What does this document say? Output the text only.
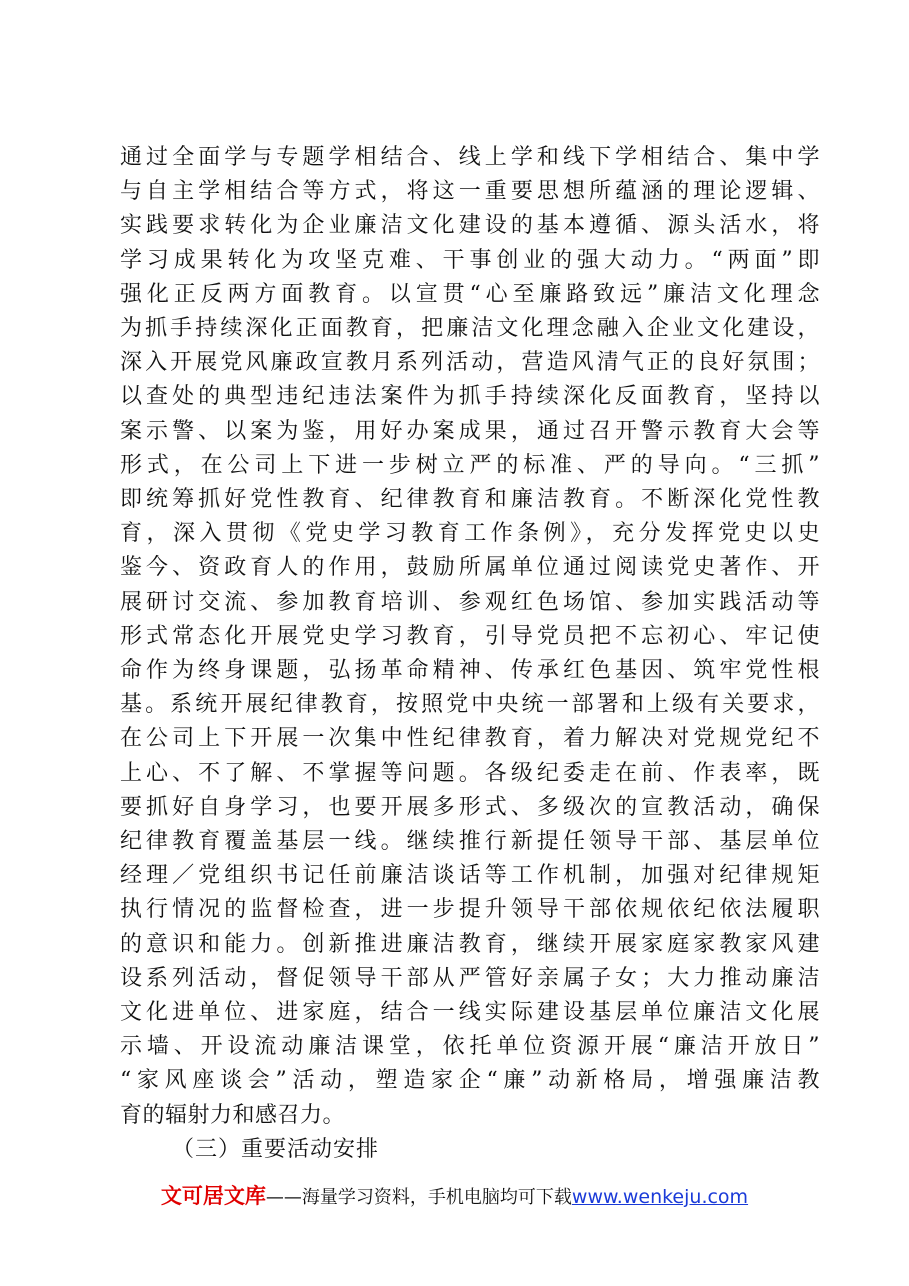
通过全面学与专题学相结合、线上学和线下学相结合、集中学
与自主学相结合等方式，将这一重要思想所蕴涵的理论逻辑、
实践要求转化为企业廉洁文化建设的基本遵循、源头活水，将
学习成果转化为攻坚克难、干事创业的强大动力。“两面”即
强化正反两方面教育。以宣贯“心至廉路致远”廉洁文化理念
为抓手持续深化正面教育，把廉洁文化理念融入企业文化建设，
深入开展党风廉政宣教月系列活动，营造风清气正的良好氛围；
以查处的典型违纪违法案件为抓手持续深化反面教育，坚持以
案示警、以案为鉴，用好办案成果，通过召开警示教育大会等
形式，在公司上下进一步树立严的标准、严的导向。“三抓”
即统筹抓好党性教育、纪律教育和廉洁教育。不断深化党性教
育，深入贯彻《党史学习教育工作条例》，充分发挥党史以史
鉴今、资政育人的作用，鼓励所属单位通过阅读党史著作、开
展研讨交流、参加教育培训、参观红色场馆、参加实践活动等
形式常态化开展党史学习教育，引导党员把不忘初心、牢记使
命作为终身课题，弘扬革命精神、传承红色基因、筑牢党性根
基。系统开展纪律教育，按照党中央统一部署和上级有关要求，
在公司上下开展一次集中性纪律教育，着力解决对党规党纪不
上心、不了解、不掌握等问题。各级纪委走在前、作表率，既
要抓好自身学习，也要开展多形式、多级次的宣教活动，确保
纪律教育覆盖基层一线。继续推行新提任领导干部、基层单位
经理／党组织书记任前廉洁谈话等工作机制，加强对纪律规矩
执行情况的监督检查，进一步提升领导干部依规依纪依法履职
的意识和能力。创新推进廉洁教育，继续开展家庭家教家风建
设系列活动，督促领导干部从严管好亲属子女；大力推动廉洁
文化进单位、进家庭，结合一线实际建设基层单位廉洁文化展
示墙、开设流动廉洁课堂，依托单位资源开展“廉洁开放日”
“家风座谈会”活动，塑造家企“廉”动新格局，增强廉洁教
育的辐射力和感召力。
（三）重要活动安排
文可居文库——海量学习资料，手机电脑均可下载www.wenkeju.com
